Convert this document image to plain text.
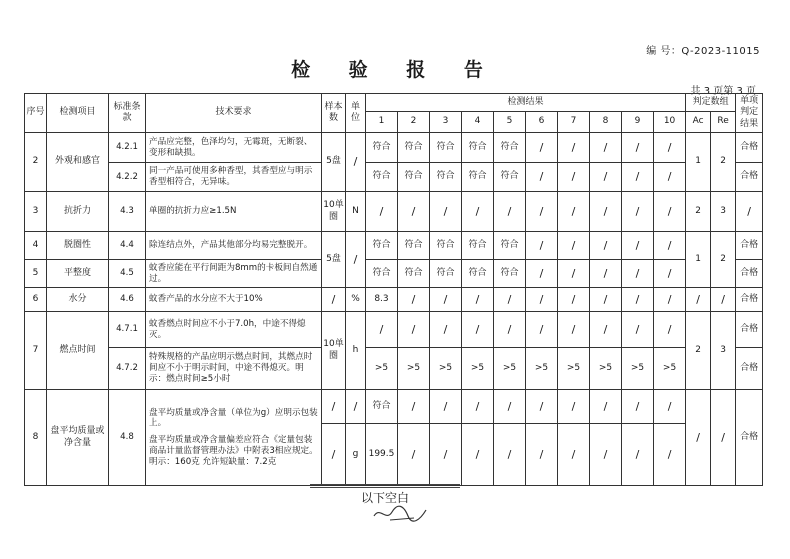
编 号：Q-2023-11015
检 验 报 告
共 3 页第 3 页
序号	检测项目	标准条款	技术要求	样本数	单位	检测结果										判定数组		单项判定结果
						1	2	3	4	5	6	7	8	9	10	Ac	Re	
2	外观和感官	4.2.1	产品应完整，色泽均匀，无霉斑，无断裂、变形和缺损。	5盘	/	符合	符合	符合	符合	符合	/	/	/	/	/	1	2	合格
		4.2.2	同一产品可使用多种香型，其香型应与明示香型相符合，无异味。			符合	符合	符合	符合	符合	/	/	/	/	/			合格
3	抗折力	4.3	单圈的抗折力应≥1.5N	10单圈	N	/	/	/	/	/	/	/	/	/	/	2	3	/
4	脱圈性	4.4	除连结点外，产品其他部分均易完整脱开。	5盘	/	符合	符合	符合	符合	符合	/	/	/	/	/	1	2	合格
5	平整度	4.5	蚊香应能在平行间距为8mm的卡板间自然通过。			符合	符合	符合	符合	符合	/	/	/	/	/			合格
6	水分	4.6	蚊香产品的水分应不大于10%	/	%	8.3	/	/	/	/	/	/	/	/	/	/	/	合格
7	燃点时间	4.7.1	蚊香燃点时间应不小于7.0h，中途不得熄灭。	10单圈	h	/	/	/	/	/	/	/	/	/	/	2	3	合格
		4.7.2	特殊规格的产品应明示燃点时间，其燃点时间应不小于明示时间，中途不得熄灭。明示：燃点时间≥5小时			>5	>5	>5	>5	>5	>5	>5	>5	>5	>5			合格
8	盘平均质量或净含量	4.8	盘平均质量或净含量（单位为g）应明示包装上。
盘平均质量或净含量偏差应符合《定量包装商品计量监督管理办法》中附表3相应规定。
明示：160克 允许短缺量：7.2克	/	/	符合	/	/	/	/	/	/	/	/	/	/	/	合格
				/	g	199.5	/	/	/	/	/	/	/	/	/			
以下空白
